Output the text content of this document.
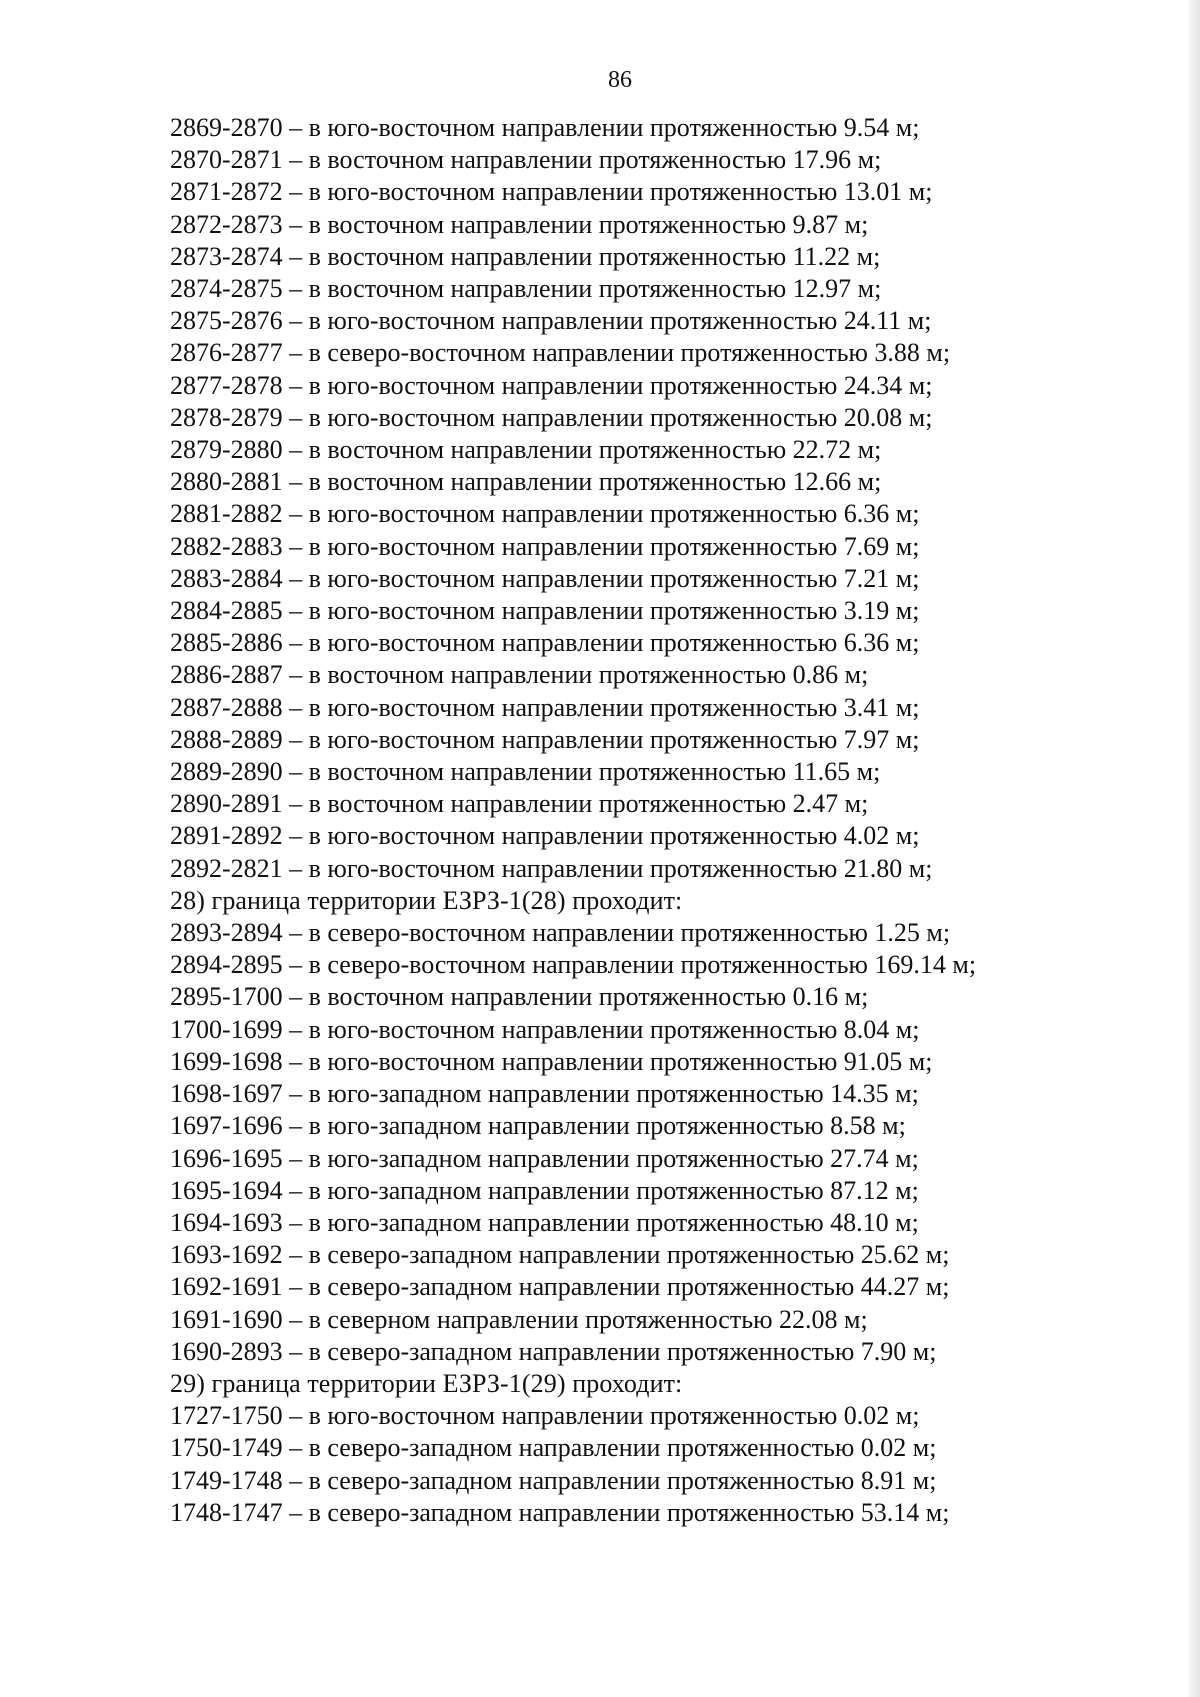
86
2869-2870 – в юго-восточном направлении протяженностью 9.54 м;
2870-2871 – в восточном направлении протяженностью 17.96 м;
2871-2872 – в юго-восточном направлении протяженностью 13.01 м;
2872-2873 – в восточном направлении протяженностью 9.87 м;
2873-2874 – в восточном направлении протяженностью 11.22 м;
2874-2875 – в восточном направлении протяженностью 12.97 м;
2875-2876 – в юго-восточном направлении протяженностью 24.11 м;
2876-2877 – в северо-восточном направлении протяженностью 3.88 м;
2877-2878 – в юго-восточном направлении протяженностью 24.34 м;
2878-2879 – в юго-восточном направлении протяженностью 20.08 м;
2879-2880 – в восточном направлении протяженностью 22.72 м;
2880-2881 – в восточном направлении протяженностью 12.66 м;
2881-2882 – в юго-восточном направлении протяженностью 6.36 м;
2882-2883 – в юго-восточном направлении протяженностью 7.69 м;
2883-2884 – в юго-восточном направлении протяженностью 7.21 м;
2884-2885 – в юго-восточном направлении протяженностью 3.19 м;
2885-2886 – в юго-восточном направлении протяженностью 6.36 м;
2886-2887 – в восточном направлении протяженностью 0.86 м;
2887-2888 – в юго-восточном направлении протяженностью 3.41 м;
2888-2889 – в юго-восточном направлении протяженностью 7.97 м;
2889-2890 – в восточном направлении протяженностью 11.65 м;
2890-2891 – в восточном направлении протяженностью 2.47 м;
2891-2892 – в юго-восточном направлении протяженностью 4.02 м;
2892-2821 – в юго-восточном направлении протяженностью 21.80 м;
28) граница территории ЕЗРЗ-1(28) проходит:
2893-2894 – в северо-восточном направлении протяженностью 1.25 м;
2894-2895 – в северо-восточном направлении протяженностью 169.14 м;
2895-1700 – в восточном направлении протяженностью 0.16 м;
1700-1699 – в юго-восточном направлении протяженностью 8.04 м;
1699-1698 – в юго-восточном направлении протяженностью 91.05 м;
1698-1697 – в юго-западном направлении протяженностью 14.35 м;
1697-1696 – в юго-западном направлении протяженностью 8.58 м;
1696-1695 – в юго-западном направлении протяженностью 27.74 м;
1695-1694 – в юго-западном направлении протяженностью 87.12 м;
1694-1693 – в юго-западном направлении протяженностью 48.10 м;
1693-1692 – в северо-западном направлении протяженностью 25.62 м;
1692-1691 – в северо-западном направлении протяженностью 44.27 м;
1691-1690 – в северном направлении протяженностью 22.08 м;
1690-2893 – в северо-западном направлении протяженностью 7.90 м;
29) граница территории ЕЗРЗ-1(29) проходит:
1727-1750 – в юго-восточном направлении протяженностью 0.02 м;
1750-1749 – в северо-западном направлении протяженностью 0.02 м;
1749-1748 – в северо-западном направлении протяженностью 8.91 м;
1748-1747 – в северо-западном направлении протяженностью 53.14 м;
